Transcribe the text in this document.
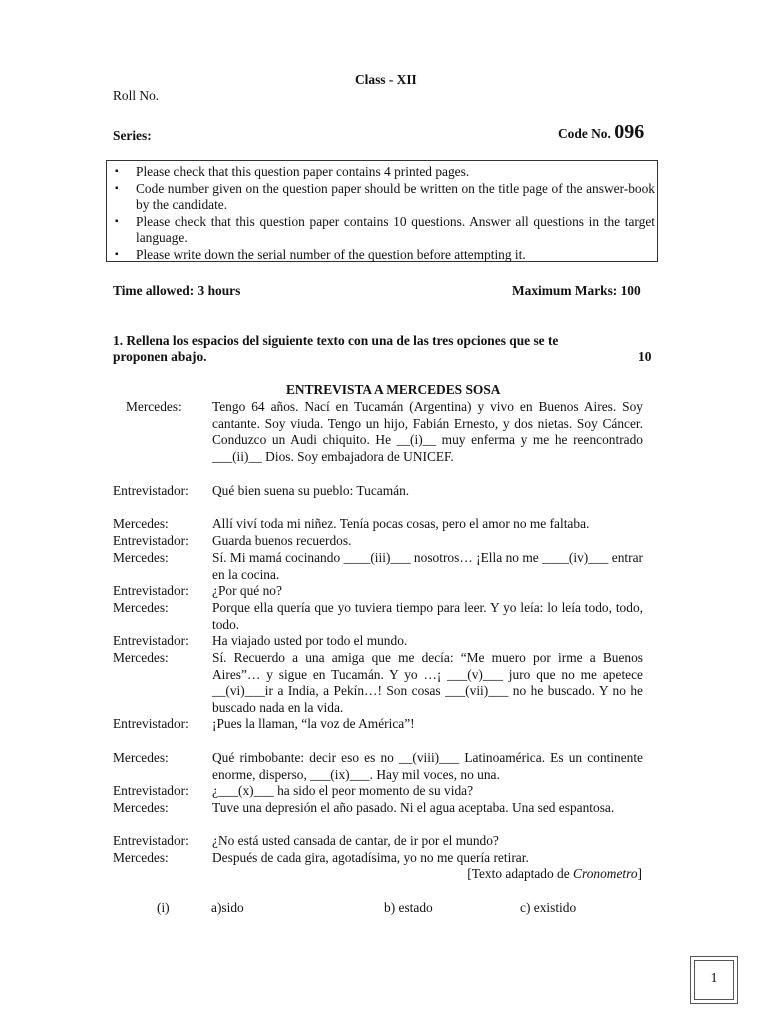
Class - XII
Roll No.
Series:	Code No. 096
▪ Please check that this question paper contains 4 printed pages.
▪ Code number given on the question paper should be written on the title page of the answer-book by the candidate.
▪ Please check that this question paper contains 10 questions. Answer all questions in the target language.
▪ Please write down the serial number of the question before attempting it.
Time allowed: 3 hours	Maximum Marks: 100
1. Rellena los espacios del siguiente texto con una de las tres opciones que se te
proponen abajo.	10
ENTREVISTA A MERCEDES SOSA
Mercedes: Tengo 64 años. Nací en Tucamán (Argentina) y vivo en Buenos Aires. Soy cantante. Soy viuda. Tengo un hijo, Fabián Ernesto, y dos nietas. Soy Cáncer. Conduzco un Audi chiquito. He __(i)__ muy enferma y me he reencontrado ___(ii)__ Dios. Soy embajadora de UNICEF.
Entrevistador: Qué bien suena su pueblo: Tucamán.
Mercedes:	Allí viví toda mi niñez. Tenía pocas cosas, pero el amor no me faltaba.
Entrevistador: Guarda buenos recuerdos.
Mercedes:	Sí. Mi mamá cocinando ____(iii)___ nosotros… ¡Ella no me ____(iv)___ entrar en la cocina.
Entrevistador: ¿Por qué no?
Mercedes:	Porque ella quería que yo tuviera tiempo para leer. Y yo leía: lo leía todo, todo, todo.
Entrevistador: Ha viajado usted por todo el mundo.
Mercedes:	Sí. Recuerdo a una amiga que me decía: “Me muero por irme a Buenos Aires”… y sigue en Tucamán. Y yo …¡ ___(v)___ juro que no me apetece __(vi)___ir a India, a Pekín…! Son cosas ___(vii)___ no he buscado. Y no he buscado nada en la vida.
Entrevistador: ¡Pues la llaman, “la voz de América”!
Mercedes:	Qué rimbobante: decir eso es no __(viii)___ Latinoamérica. Es un continente enorme, disperso, ___(ix)___. Hay mil voces, no una.
Entrevistador: ¿___(x)___ ha sido el peor momento de su vida?
Mercedes:	Tuve una depresión el año pasado. Ni el agua aceptaba. Una sed espantosa.
Entrevistador: ¿No está usted cansada de cantar, de ir por el mundo?
Mercedes:	Después de cada gira, agotadísima, yo no me quería retirar.
[Texto adaptado de Cronometro]
(i)	a)sido	b) estado	c) existido
1
